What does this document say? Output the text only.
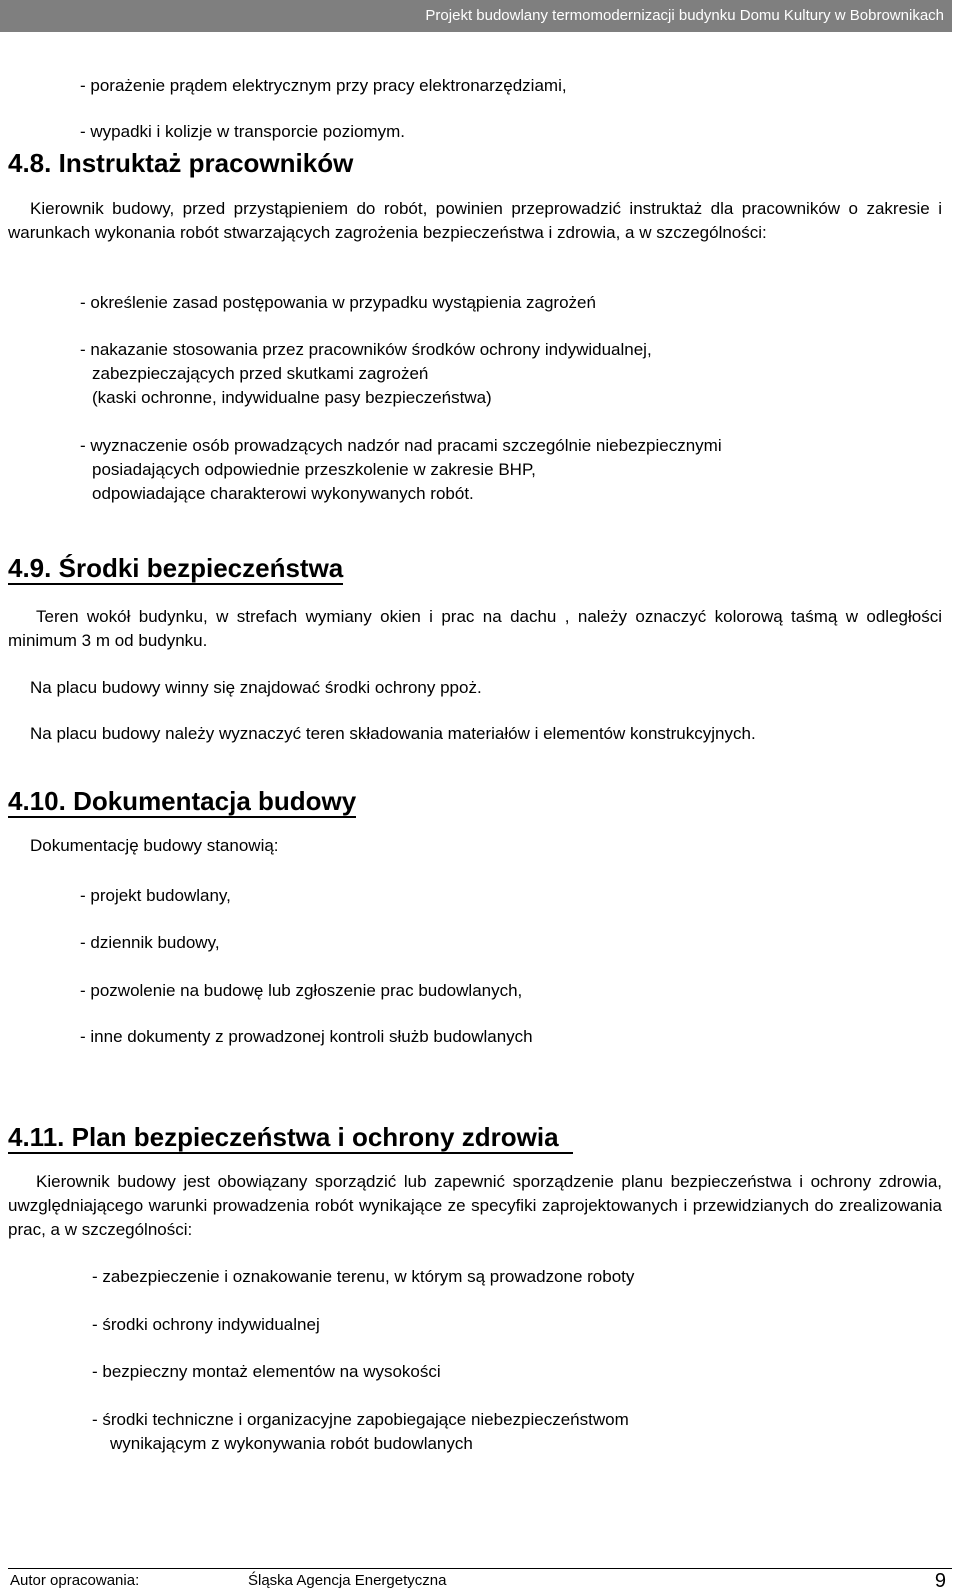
Projekt budowlany termomodernizacji budynku Domu Kultury w Bobrownikach
- porażenie prądem elektrycznym przy pracy elektronarzędziami,
- wypadki i kolizje w transporcie poziomym.
4.8. Instruktaż pracowników
Kierownik budowy, przed przystąpieniem do robót, powinien przeprowadzić instruktaż dla pracowników o zakresie i warunkach wykonania robót stwarzających zagrożenia bezpieczeństwa i zdrowia, a w szczególności:
- określenie zasad postępowania w przypadku wystąpienia zagrożeń
- nakazanie stosowania przez pracowników środków ochrony indywidualnej,
zabezpieczających przed skutkami zagrożeń
(kaski ochronne, indywidualne pasy bezpieczeństwa)
- wyznaczenie osób prowadzących nadzór nad pracami szczególnie niebezpiecznymi
posiadających odpowiednie przeszkolenie w zakresie BHP,
odpowiadające charakterowi wykonywanych robót.
4.9. Środki bezpieczeństwa
Teren wokół budynku, w strefach wymiany okien i prac na dachu , należy oznaczyć kolorową taśmą w odległości minimum 3 m od budynku.
Na placu budowy winny się znajdować środki ochrony ppoż.
Na placu budowy należy wyznaczyć teren składowania materiałów i elementów konstrukcyjnych.
4.10. Dokumentacja budowy
Dokumentację budowy stanowią:
- projekt budowlany,
- dziennik budowy,
- pozwolenie na budowę lub zgłoszenie prac budowlanych,
- inne dokumenty z prowadzonej kontroli służb budowlanych
4.11. Plan bezpieczeństwa i ochrony zdrowia
Kierownik budowy jest obowiązany sporządzić lub zapewnić sporządzenie planu bezpieczeństwa i ochrony zdrowia, uwzględniającego warunki prowadzenia robót wynikające ze specyfiki zaprojektowanych i przewidzianych do zrealizowania prac, a w szczególności:
- zabezpieczenie i oznakowanie terenu, w którym są prowadzone roboty
- środki ochrony indywidualnej
- bezpieczny montaż elementów na wysokości
- środki techniczne i organizacyjne zapobiegające niebezpieczeństwom
wynikającym z wykonywania robót budowlanych
Autor opracowania:	Śląska Agencja Energetyczna	9
